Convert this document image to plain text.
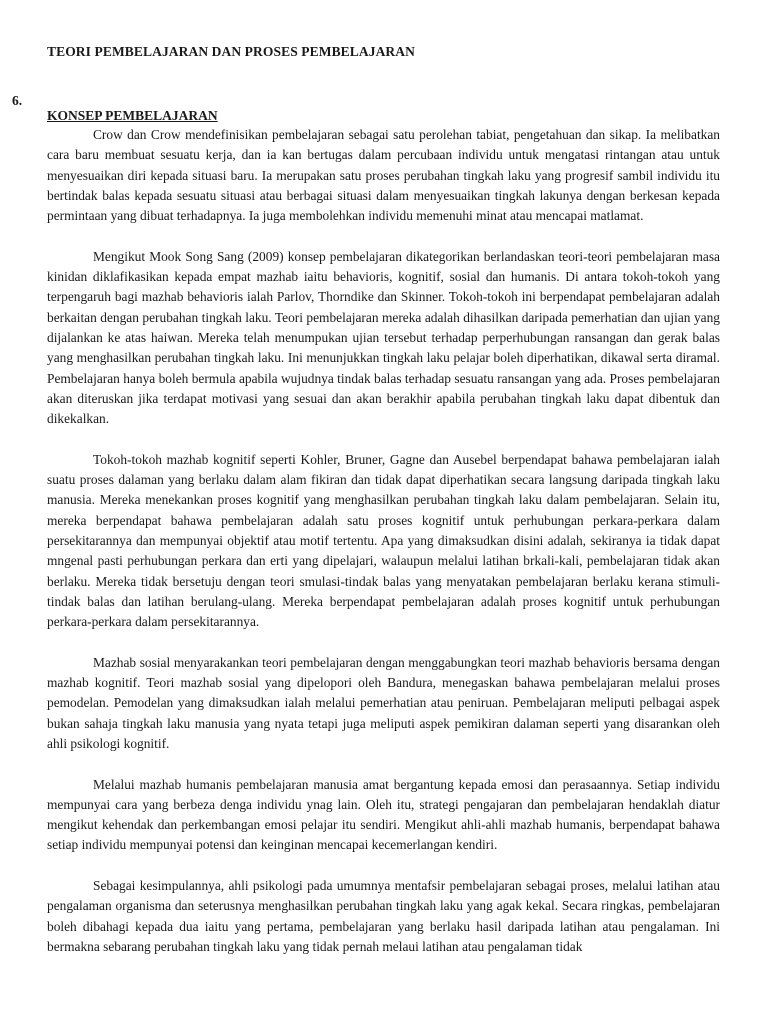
TEORI PEMBELAJARAN DAN PROSES PEMBELAJARAN
6.
KONSEP PEMBELAJARAN

Crow dan Crow mendefinisikan pembelajaran sebagai satu perolehan tabiat, pengetahuan dan sikap. Ia melibatkan cara baru membuat sesuatu kerja, dan ia kan bertugas dalam percubaan individu untuk mengatasi rintangan atau untuk menyesuaikan diri kepada situasi baru. Ia merupakan satu proses perubahan tingkah laku yang progresif sambil individu itu bertindak balas kepada sesuatu situasi atau berbagai situasi dalam menyesuaikan tingkah lakunya dengan berkesan kepada permintaan yang dibuat terhadapnya. Ia juga membolehkan individu memenuhi minat atau mencapai matlamat.

Mengikut Mook Song Sang (2009) konsep pembelajaran dikategorikan berlandaskan teori-teori pembelajaran masa kinidan diklafikasikan kepada empat mazhab iaitu behavioris, kognitif, sosial dan humanis. Di antara tokoh-tokoh yang terpengaruh bagi mazhab behavioris ialah Parlov, Thorndike dan Skinner. Tokoh-tokoh ini berpendapat pembelajaran adalah berkaitan dengan perubahan tingkah laku. Teori pembelajaran mereka adalah dihasilkan daripada pemerhatian dan ujian yang dijalankan ke atas haiwan. Mereka telah menumpukan ujian tersebut terhadap perperhubungan ransangan dan gerak balas yang menghasilkan perubahan tingkah laku. Ini menunjukkan tingkah laku pelajar boleh diperhatikan, dikawal serta diramal. Pembelajaran hanya boleh bermula apabila wujudnya tindak balas terhadap sesuatu ransangan yang ada. Proses pembelajaran akan diteruskan jika terdapat motivasi yang sesuai dan akan berakhir apabila perubahan tingkah laku dapat dibentuk dan dikekalkan.

Tokoh-tokoh mazhab kognitif seperti Kohler, Bruner, Gagne dan Ausebel berpendapat bahawa pembelajaran ialah suatu proses dalaman yang berlaku dalam alam fikiran dan tidak dapat diperhatikan secara langsung daripada tingkah laku manusia. Mereka menekankan proses kognitif yang menghasilkan perubahan tingkah laku dalam pembelajaran. Selain itu, mereka berpendapat bahawa pembelajaran adalah satu proses kognitif untuk perhubungan perkara-perkara dalam persekitarannya dan mempunyai objektif atau motif tertentu. Apa yang dimaksudkan disini adalah, sekiranya ia tidak dapat mngenal pasti perhubungan perkara dan erti yang dipelajari, walaupun melalui latihan brkali-kali, pembelajaran tidak akan berlaku. Mereka tidak bersetuju dengan teori smulasi-tindak balas yang menyatakan pembelajaran berlaku kerana stimuli-tindak balas dan latihan berulang-ulang. Mereka berpendapat pembelajaran adalah proses kognitif untuk perhubungan perkara-perkara dalam persekitarannya.

Mazhab sosial menyarakankan teori pembelajaran dengan menggabungkan teori mazhab behavioris bersama dengan mazhab kognitif. Teori mazhab sosial yang dipelopori oleh Bandura, menegaskan bahawa pembelajaran melalui proses pemodelan. Pemodelan yang dimaksudkan ialah melalui pemerhatian atau peniruan. Pembelajaran meliputi pelbagai aspek bukan sahaja tingkah laku manusia yang nyata tetapi juga meliputi aspek pemikiran dalaman seperti yang disarankan oleh ahli psikologi kognitif.

Melalui mazhab humanis pembelajaran manusia amat bergantung kepada emosi dan perasaannya. Setiap individu mempunyai cara yang berbeza denga individu ynag lain. Oleh itu, strategi pengajaran dan pembelajaran hendaklah diatur mengikut kehendak dan perkembangan emosi pelajar itu sendiri. Mengikut ahli-ahli mazhab humanis, berpendapat bahawa setiap individu mempunyai potensi dan keinginan mencapai kecemerlangan kendiri.

Sebagai kesimpulannya, ahli psikologi pada umumnya mentafsir pembelajaran sebagai proses, melalui latihan atau pengalaman organisma dan seterusnya menghasilkan perubahan tingkah laku yang agak kekal. Secara ringkas, pembelajaran boleh dibahagi kepada dua iaitu yang pertama, pembelajaran yang berlaku hasil daripada latihan atau pengalaman. Ini bermakna sebarang perubahan tingkah laku yang tidak pernah melaui latihan atau pengalaman tidak
